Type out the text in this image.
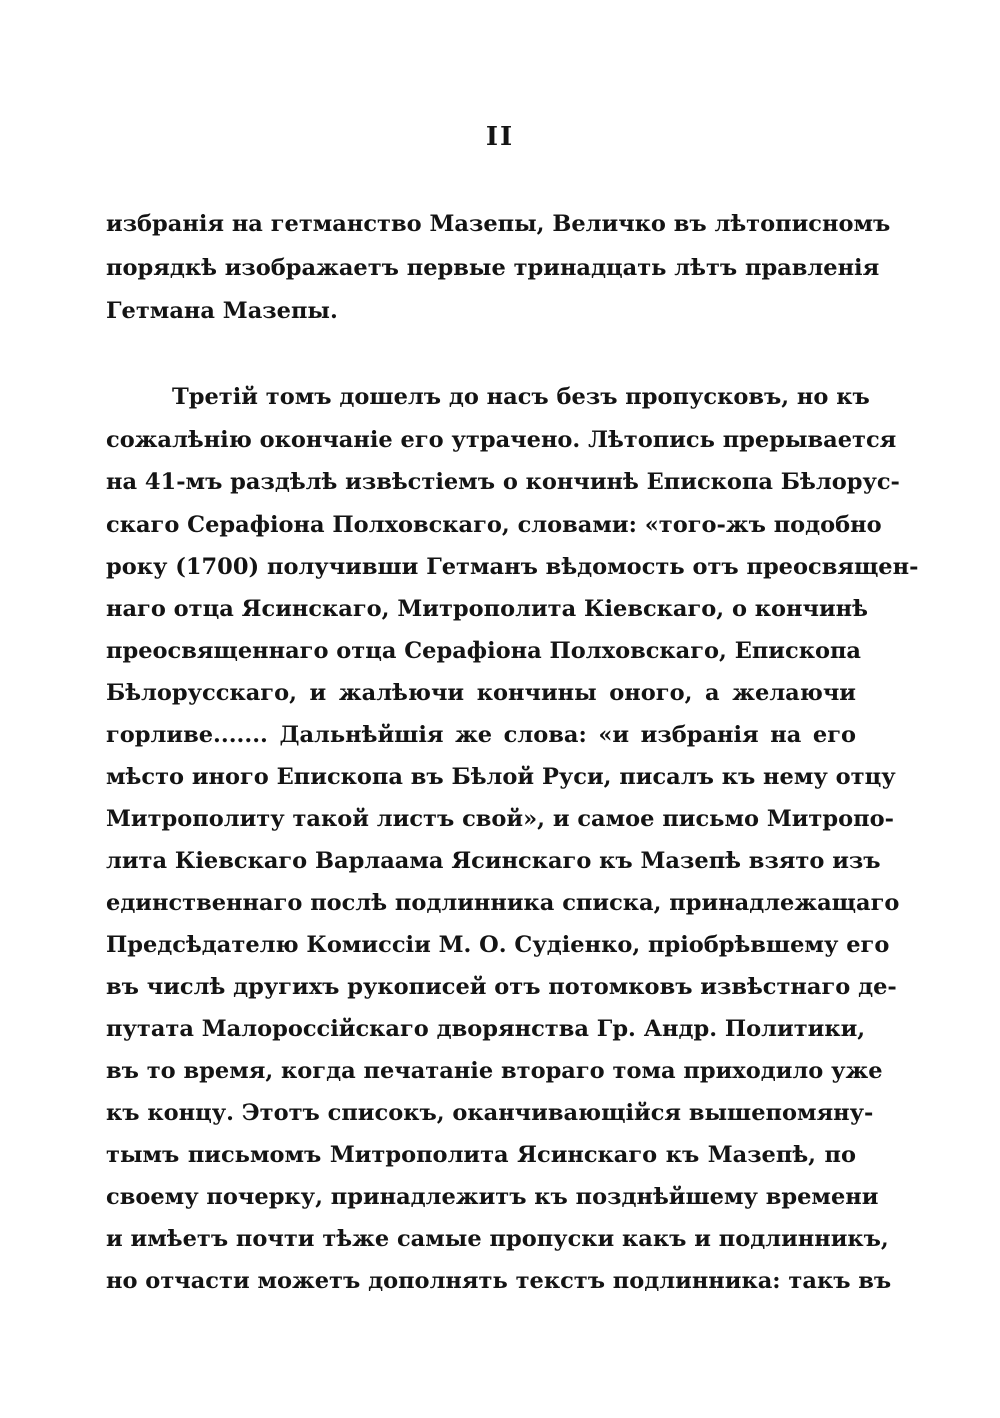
II
избранія на гетманство Мазепы, Величко въ лѣтописномъ
порядкѣ изображаетъ первые тринадцать лѣтъ правленія
Гетмана Мазепы.
Третій томъ дошелъ до насъ безъ пропусковъ, но къ
сожалѣнію окончаніе его утрачено. Лѣтопись прерывается
на 41-мъ раздѣлѣ извѣстіемъ о кончинѣ Епископа Бѣлорус-
скаго Серафіона Полховскаго, словами: «того-жъ подобно
року (1700) получивши Гетманъ вѣдомость отъ преосвящен-
наго отца Ясинскаго, Митрополита Кіевскаго, о кончинѣ
преосвященнаго отца Серафіона Полховскаго, Епископа
Бѣлорусскаго, и жалѣючи кончины оного, а желаючи
горливе....... Дальнѣйшія же слова: «и избранія на его
мѣсто иного Епископа въ Бѣлой Руси, писалъ къ нему отцу
Митрополиту такой листъ свой», и самое письмо Митропо-
лита Кіевскаго Варлаама Ясинскаго къ Мазепѣ взято изъ
единственнаго послѣ подлинника списка, принадлежащаго
Предсѣдателю Комиссіи М. О. Судіенко, пріобрѣвшему его
въ числѣ другихъ рукописей отъ потомковъ извѣстнаго де-
путата Малороссійскаго дворянства Гр. Андр. Политики,
въ то время, когда печатаніе втораго тома приходило уже
къ концу. Этотъ списокъ, оканчивающійся вышепомяну-
тымъ письмомъ Митрополита Ясинскаго къ Мазепѣ, по
своему почерку, принадлежитъ къ позднѣйшему времени
и имѣетъ почти тѣже самые пропуски какъ и подлинникъ,
но отчасти можетъ дополнять текстъ подлинника: такъ въ
